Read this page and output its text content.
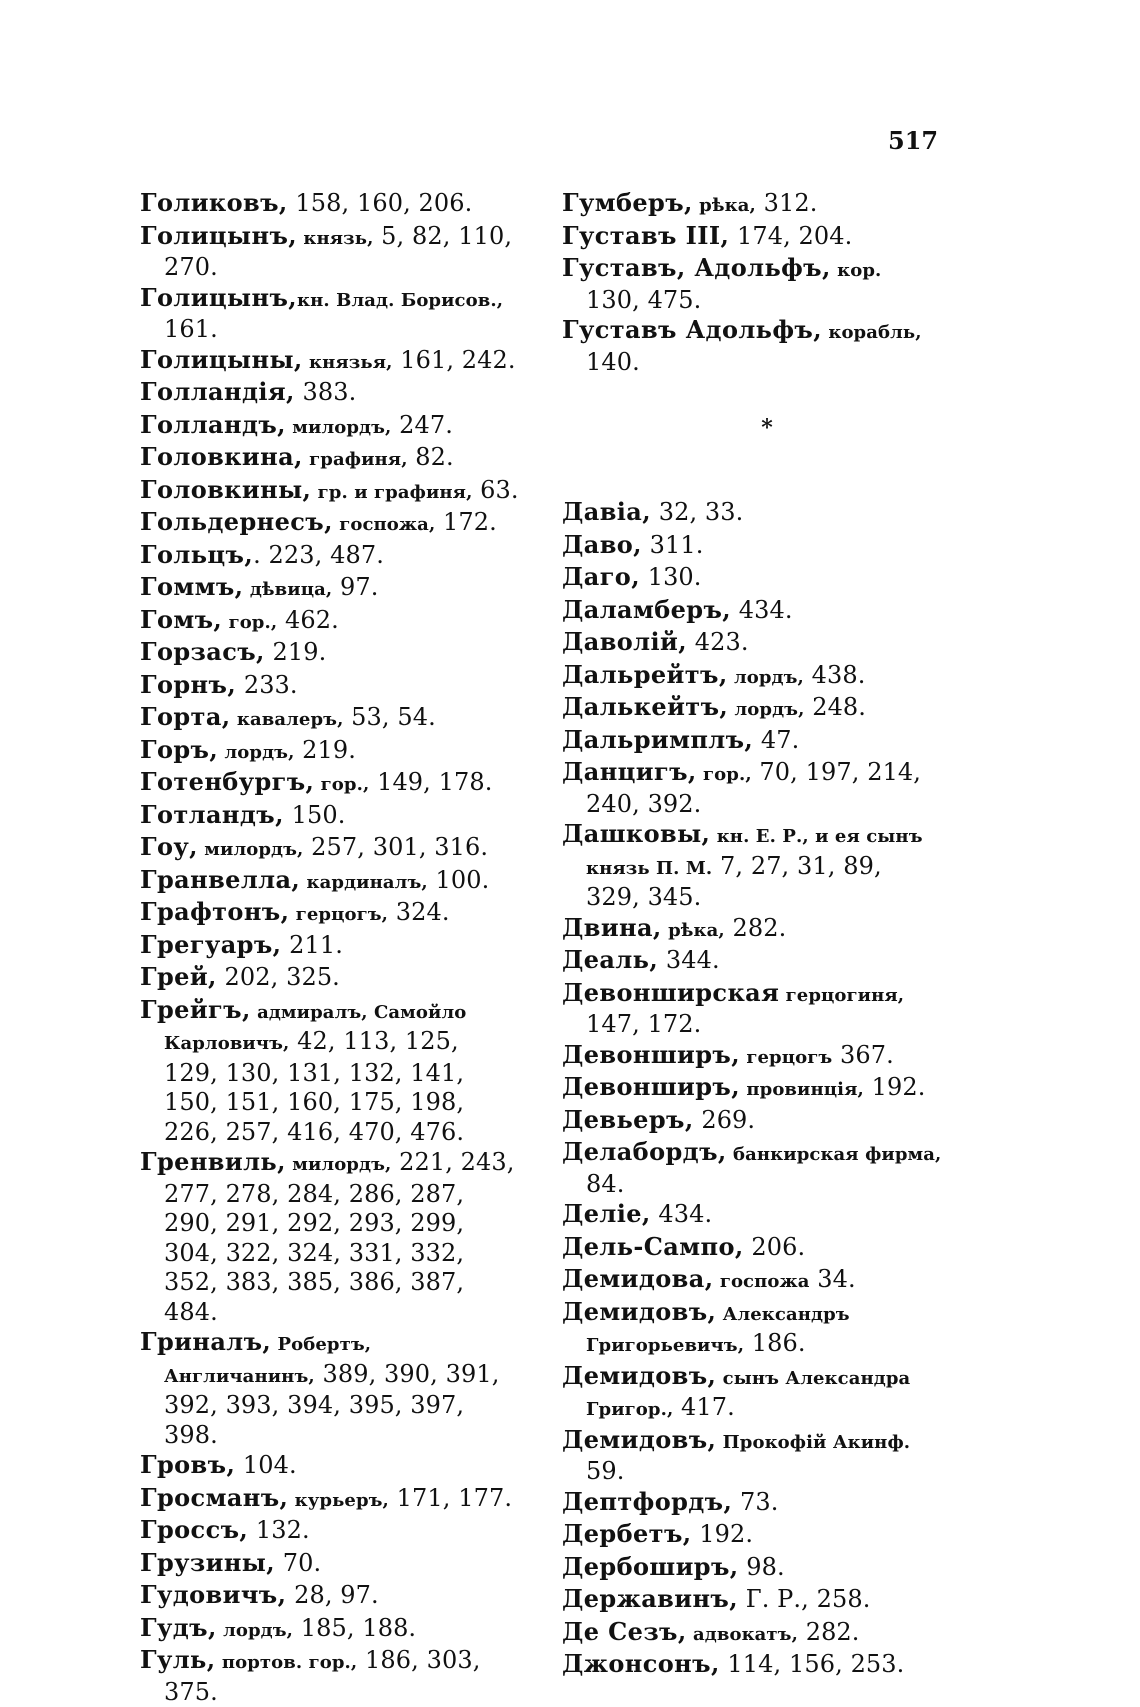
517
Голиковъ, 158, 160, 206.
Голицынъ, князь, 5, 82, 110, 270.
Голицынъ,кн. Влад. Борисов., 161.
Голицыны, князья, 161, 242.
Голландія, 383.
Голландъ, милордъ, 247.
Головкина, графиня, 82.
Головкины, гр. и графиня, 63.
Гольдернесъ, госпожа, 172.
Гольцъ,. 223, 487.
Гоммъ, дѣвица, 97.
Гомъ, гор., 462.
Горзасъ, 219.
Горнъ, 233.
Горта, кавалеръ, 53, 54.
Горъ, лордъ, 219.
Готенбургъ, гор., 149, 178.
Готландъ, 150.
Гоу, милордъ, 257, 301, 316.
Гранвелла, кардиналъ, 100.
Графтонъ, герцогъ, 324.
Грегуаръ, 211.
Грей, 202, 325.
Грейгъ, адмиралъ, Самойло Карловичъ, 42, 113, 125, 129, 130, 131, 132, 141, 150, 151, 160, 175, 198, 226, 257, 416, 470, 476.
Гренвиль, милордъ, 221, 243, 277, 278, 284, 286, 287, 290, 291, 292, 293, 299, 304, 322, 324, 331, 332, 352, 383, 385, 386, 387, 484.
Гриналъ, Робертъ, Англичанинъ, 389, 390, 391, 392, 393, 394, 395, 397, 398.
Гровъ, 104.
Гросманъ, курьеръ, 171, 177.
Гроссъ, 132.
Грузины, 70.
Гудовичъ, 28, 97.
Гудъ, лордъ, 185, 188.
Гуль, портов. гор., 186, 303, 375.
Гумберъ, рѣка, 312.
Густавъ III, 174, 204.
Густавъ, Адольфъ, кор. 130, 475.
Густавъ Адольфъ, корабль, 140.
*
Давіа, 32, 33.
Даво, 311.
Даго, 130.
Даламберъ, 434.
Даволій, 423.
Дальрейтъ, лордъ, 438.
Далькейтъ, лордъ, 248.
Дальримплъ, 47.
Данцигъ, гор., 70, 197, 214, 240, 392.
Дашковы, кн. Е. Р., и ея сынъ князь П. М. 7, 27, 31, 89, 329, 345.
Двина, рѣка, 282.
Деаль, 344.
Девонширская герцогиня, 147, 172.
Девонширъ, герцогъ 367.
Девонширъ, провинція, 192.
Девьеръ, 269.
Делабордъ, банкирская фирма, 84.
Деліе, 434.
Дель-Сампо, 206.
Демидова, госпожа 34.
Демидовъ, Александръ Григорьевичъ, 186.
Демидовъ, сынъ Александра Григор., 417.
Демидовъ, Прокофій Акинф. 59.
Дептфордъ, 73.
Дербетъ, 192.
Дербоширъ, 98.
Державинъ, Г. Р., 258.
Де Сезъ, адвокатъ, 282.
Джонсонъ, 114, 156, 253.
